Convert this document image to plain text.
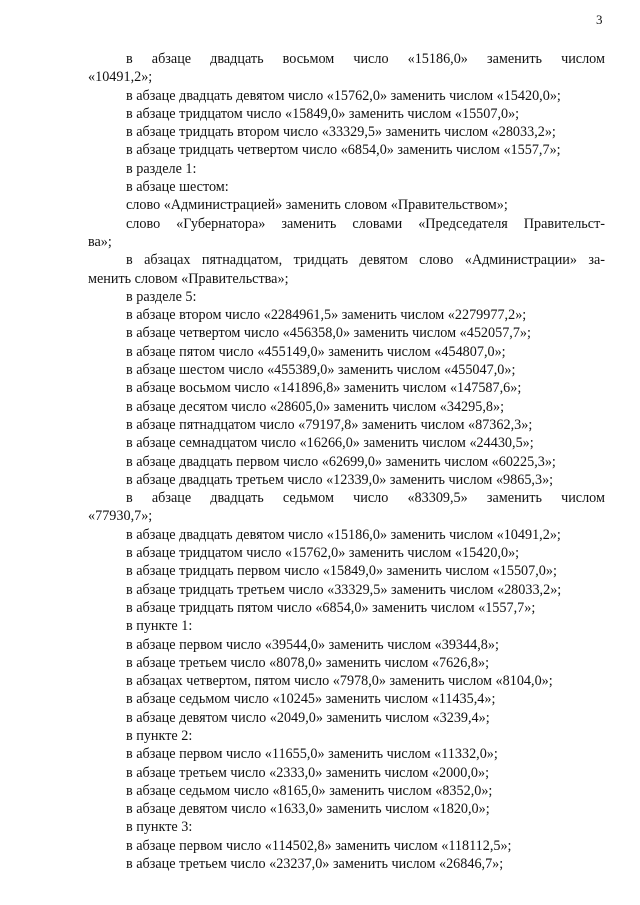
3
в абзаце двадцать восьмом число «15186,0» заменить числом
«10491,2»;
в абзаце двадцать девятом число «15762,0» заменить числом «15420,0»;
в абзаце тридцатом число «15849,0» заменить числом «15507,0»;
в абзаце тридцать втором число «33329,5» заменить числом «28033,2»;
в абзаце тридцать четвертом число «6854,0» заменить числом «1557,7»;
в разделе 1:
в абзаце шестом:
слово «Администрацией» заменить словом «Правительством»;
слово «Губернатора» заменить словами «Председателя Правительст-
ва»;
в абзацах пятнадцатом, тридцать девятом слово «Администрации» за-
менить словом «Правительства»;
в разделе 5:
в абзаце втором число «2284961,5» заменить числом «2279977,2»;
в абзаце четвертом число «456358,0» заменить числом «452057,7»;
в абзаце пятом число «455149,0» заменить числом «454807,0»;
в абзаце шестом число «455389,0» заменить числом «455047,0»;
в абзаце восьмом число «141896,8» заменить числом «147587,6»;
в абзаце десятом число «28605,0» заменить числом «34295,8»;
в абзаце пятнадцатом число «79197,8» заменить числом «87362,3»;
в абзаце семнадцатом число «16266,0» заменить числом «24430,5»;
в абзаце двадцать первом число «62699,0» заменить числом «60225,3»;
в абзаце двадцать третьем число «12339,0» заменить числом «9865,3»;
в абзаце двадцать седьмом число «83309,5» заменить числом
«77930,7»;
в абзаце двадцать девятом число «15186,0» заменить числом «10491,2»;
в абзаце тридцатом число «15762,0» заменить числом «15420,0»;
в абзаце тридцать первом число «15849,0» заменить числом «15507,0»;
в абзаце тридцать третьем число «33329,5» заменить числом «28033,2»;
в абзаце тридцать пятом число «6854,0» заменить числом «1557,7»;
в пункте 1:
в абзаце первом число «39544,0» заменить числом «39344,8»;
в абзаце третьем число «8078,0» заменить числом «7626,8»;
в абзацах четвертом, пятом число «7978,0» заменить числом «8104,0»;
в абзаце седьмом число «10245» заменить числом «11435,4»;
в абзаце девятом число «2049,0» заменить числом «3239,4»;
в пункте 2:
в абзаце первом число «11655,0» заменить числом «11332,0»;
в абзаце третьем число «2333,0» заменить числом «2000,0»;
в абзаце седьмом число «8165,0» заменить числом «8352,0»;
в абзаце девятом число «1633,0» заменить числом «1820,0»;
в пункте 3:
в абзаце первом число «114502,8» заменить числом «118112,5»;
в абзаце третьем число «23237,0» заменить числом «26846,7»;
